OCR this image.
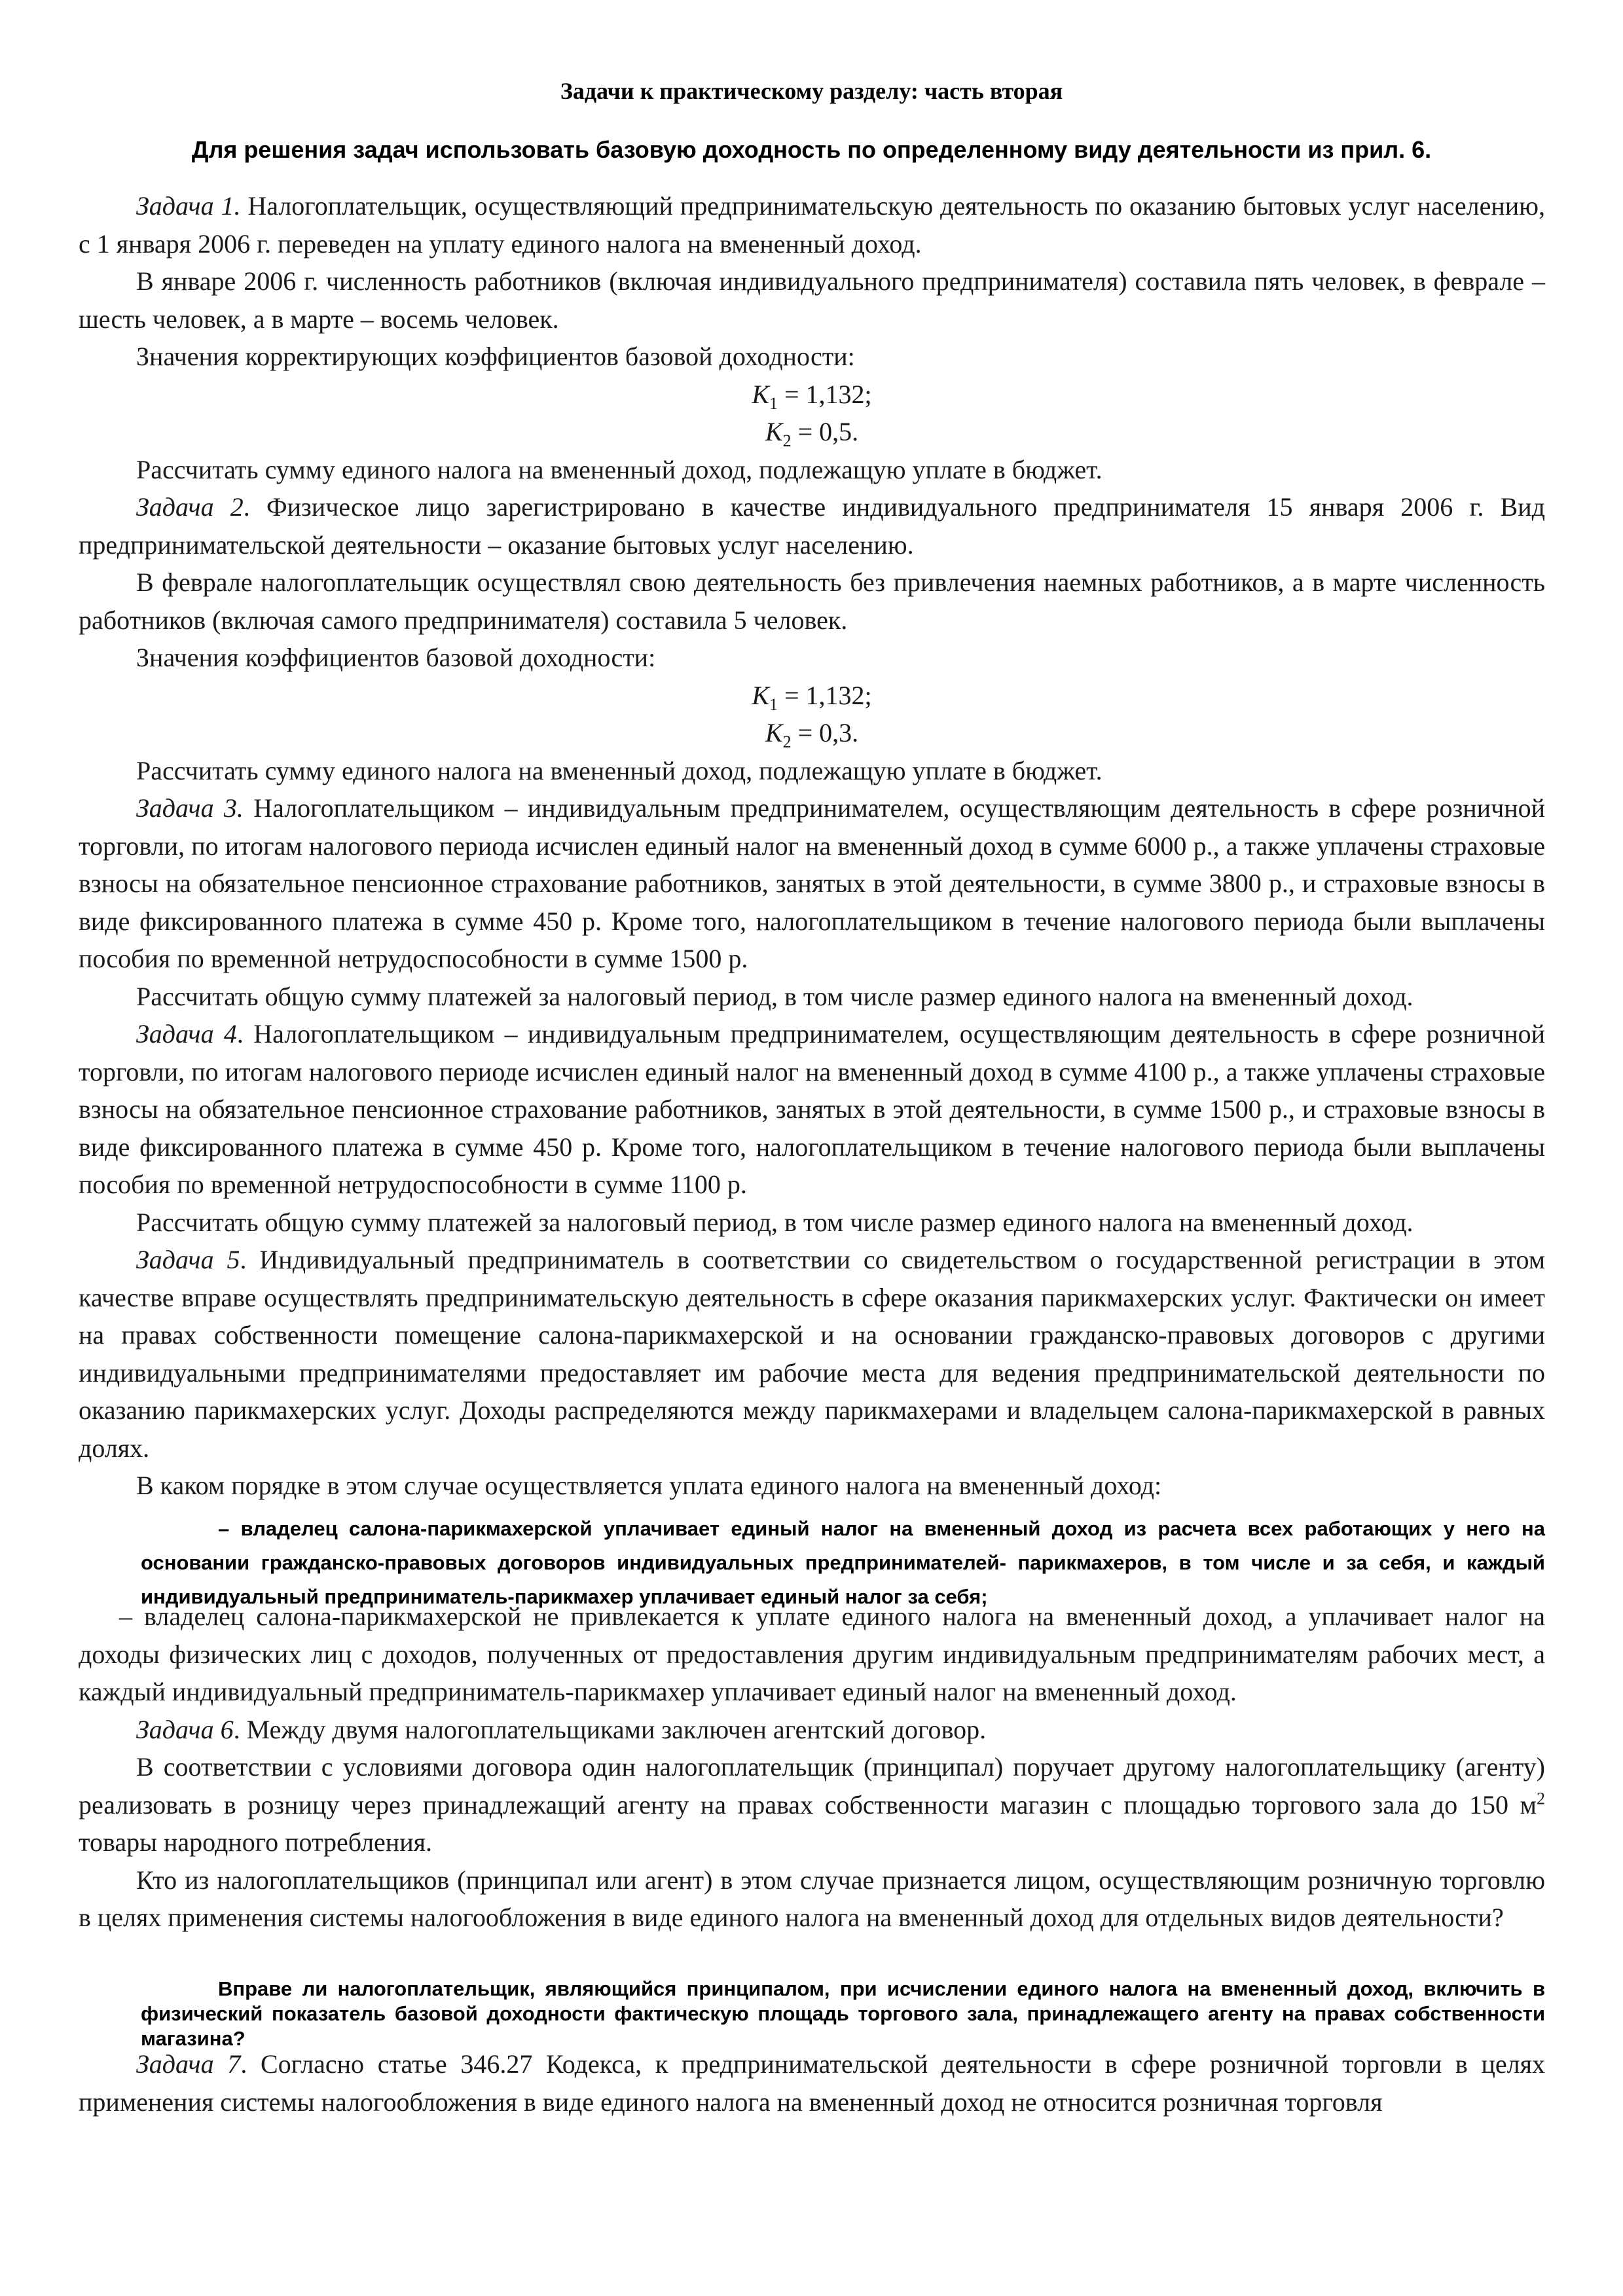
Задачи к практическому разделу: часть вторая
Для решения задач использовать базовую доходность по определенному виду деятельности из прил. 6.

Задача 1. Налогоплательщик, осуществляющий предпринимательскую деятельность по оказанию бытовых услуг населению, с 1 января 2006 г. переведен на уплату единого налога на вмененный доход.

В январе 2006 г. численность работников (включая индивидуального предпринимателя) составила пять человек, в феврале – шесть человек, а в марте – восемь человек.

Значения корректирующих коэффициентов базовой доходности:

$K_1 = 1,132$;

$K_2 = 0,5$.

Рассчитать сумму единого налога на вмененный доход, подлежащую уплате в бюджет.

Задача 2. Физическое лицо зарегистрировано в качестве индивидуального предпринимателя 15 января 2006 г. Вид предпринимательской деятельности – оказание бытовых услуг населению.

В феврале налогоплательщик осуществлял свою деятельность без привлечения наемных работников, а в марте численность работников (включая самого предпринимателя) составила 5 человек.

Значения коэффициентов базовой доходности:

$K_1 = 1,132$;

$K_2 = 0,3$.

Рассчитать сумму единого налога на вмененный доход, подлежащую уплате в бюджет.

Задача 3. Налогоплательщиком – индивидуальным предпринимателем, осуществляющим деятельность в сфере розничной торговли, по итогам налогового периода исчислен единый налог на вмененный доход в сумме 6000 р., а также уплачены страховые взносы на обязательное пенсионное страхование работников, занятых в этой деятельности, в сумме 3800 р., и страховые взносы в виде фиксированного платежа в сумме 450 р. Кроме того, налогоплательщиком в течение налогового периода были выплачены пособия по временной нетрудоспособности в сумме 1500 р.

Рассчитать общую сумму платежей за налоговый период, в том числе размер единого налога на вмененный доход.

Задача 4. Налогоплательщиком – индивидуальным предпринимателем, осуществляющим деятельность в сфере розничной торговли, по итогам налогового периоде исчислен единый налог на вмененный доход в сумме 4100 р., а также уплачены страховые взносы на обязательное пенсионное страхование работников, занятых в этой деятельности, в сумме 1500 р., и страховые взносы в виде фиксированного платежа в сумме 450 р. Кроме того, налогоплательщиком в течение налогового периода были выплачены пособия по временной нетрудоспособности в сумме 1100 р.

Рассчитать общую сумму платежей за налоговый период, в том числе размер единого налога на вмененный доход.

Задача 5. Индивидуальный предприниматель в соответствии со свидетельством о государственной регистрации в этом качестве вправе осуществлять предпринимательскую деятельность в сфере оказания парикмахерских услуг. Фактически он имеет на правах собственности помещение салона-парикмахерской и на основании гражданско-правовых договоров с другими индивидуальными предпринимателями предоставляет им рабочие места для ведения предпринимательской деятельности по оказанию парикмахерских услуг. Доходы распределяются между парикмахерами и владельцем салона-парикмахерской в равных долях.

В каком порядке в этом случае осуществляется уплата единого налога на вмененный доход:

– владелец салона-парикмахерской уплачивает единый налог на вмененный доход из расчета всех работающих у него на основании гражданско-правовых договоров индивидуальных предпринимателей- парикмахеров, в том числе и за себя, и каждый индивидуальный предприниматель-парикмахер уплачивает единый налог за себя;

– владелец салона-парикмахерской не привлекается к уплате единого налога на вмененный доход, а уплачивает налог на доходы физических лиц с доходов, полученных от предоставления другим индивидуальным предпринимателям рабочих мест, а каждый индивидуальный предприниматель-парикмахер уплачивает единый налог на вмененный доход.

Задача 6. Между двумя налогоплательщиками заключен агентский договор.

В соответствии с условиями договора один налогоплательщик (принципал) поручает другому налогоплательщику (агенту) реализовать в розницу через принадлежащий агенту на правах собственности магазин с площадью торгового зала до 150 $м^2$ товары народного потребления.

Кто из налогоплательщиков (принципал или агент) в этом случае признается лицом, осуществляющим розничную торговлю в целях применения системы налогообложения в виде единого налога на вмененный доход для отдельных видов деятельности?

Вправе ли налогоплательщик, являющийся принципалом, при исчислении единого налога на вмененный доход, включить в физический показатель базовой доходности фактическую площадь торгового зала, принадлежащего агенту на правах собственности магазина?

Задача 7. Согласно статье 346.27 Кодекса, к предпринимательской деятельности в сфере розничной торговли в целях применения системы налогообложения в виде единого налога на вмененный доход не относится розничная торговля
